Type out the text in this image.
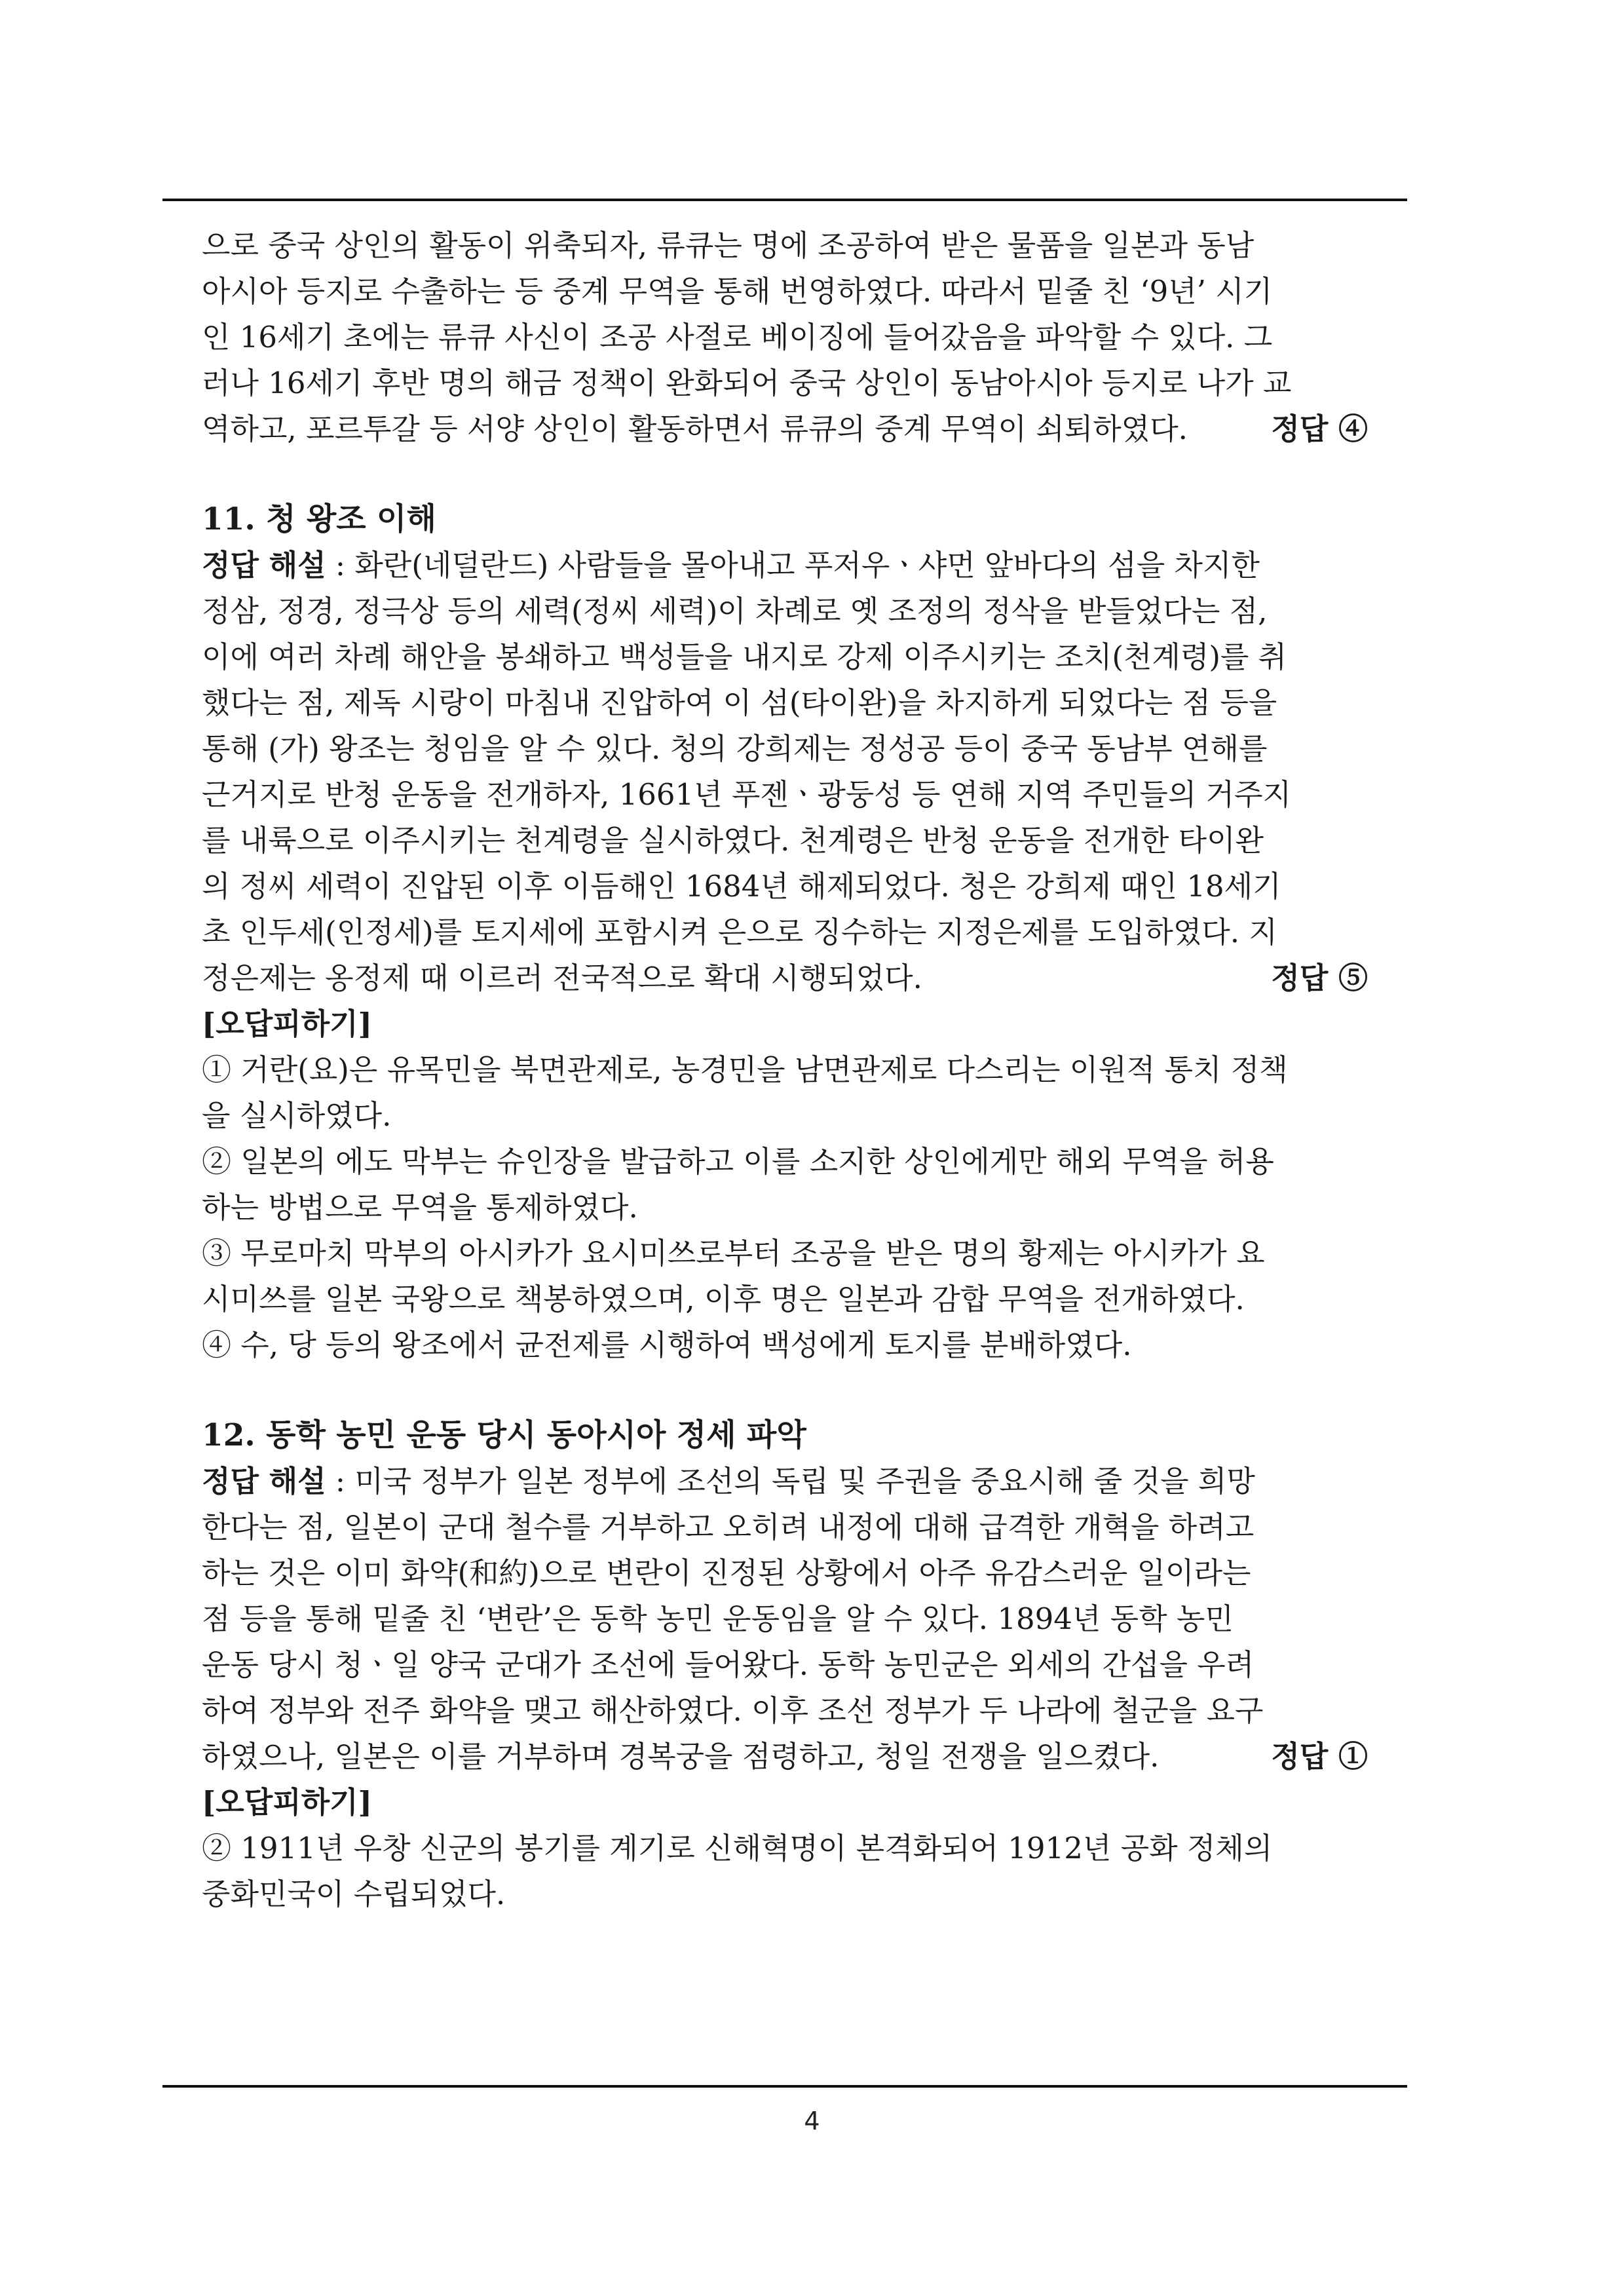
으로 중국 상인의 활동이 위축되자, 류큐는 명에 조공하여 받은 물품을 일본과 동남

아시아 등지로 수출하는 등 중계 무역을 통해 번영하였다. 따라서 밑줄 친 ‘9년’ 시기

인 16세기 초에는 류큐 사신이 조공 사절로 베이징에 들어갔음을 파악할 수 있다. 그

러나 16세기 후반 명의 해금 정책이 완화되어 중국 상인이 동남아시아 등지로 나가 교

역하고, 포르투갈 등 서양 상인이 활동하면서 류큐의 중계 무역이 쇠퇴하였다.	정답 ④

11. 청 왕조 이해

정답 해설 : 화란(네덜란드) 사람들을 몰아내고 푸저우ㆍ샤먼 앞바다의 섬을 차지한

정삼, 정경, 정극상 등의 세력(정씨 세력)이 차례로 옛 조정의 정삭을 받들었다는 점,

이에 여러 차례 해안을 봉쇄하고 백성들을 내지로 강제 이주시키는 조치(천계령)를 취

했다는 점, 제독 시랑이 마침내 진압하여 이 섬(타이완)을 차지하게 되었다는 점 등을

통해 (가) 왕조는 청임을 알 수 있다. 청의 강희제는 정성공 등이 중국 동남부 연해를

근거지로 반청 운동을 전개하자, 1661년 푸젠ㆍ광둥성 등 연해 지역 주민들의 거주지

를 내륙으로 이주시키는 천계령을 실시하였다. 천계령은 반청 운동을 전개한 타이완

의 정씨 세력이 진압된 이후 이듬해인 1684년 해제되었다. 청은 강희제 때인 18세기

초 인두세(인정세)를 토지세에 포함시켜 은으로 징수하는 지정은제를 도입하였다. 지

정은제는 옹정제 때 이르러 전국적으로 확대 시행되었다.	정답 ⑤

[오답피하기]

① 거란(요)은 유목민을 북면관제로, 농경민을 남면관제로 다스리는 이원적 통치 정책

을 실시하였다.

② 일본의 에도 막부는 슈인장을 발급하고 이를 소지한 상인에게만 해외 무역을 허용

하는 방법으로 무역을 통제하였다.

③ 무로마치 막부의 아시카가 요시미쓰로부터 조공을 받은 명의 황제는 아시카가 요

시미쓰를 일본 국왕으로 책봉하였으며, 이후 명은 일본과 감합 무역을 전개하였다.

④ 수, 당 등의 왕조에서 균전제를 시행하여 백성에게 토지를 분배하였다.

12. 동학 농민 운동 당시 동아시아 정세 파악

정답 해설 : 미국 정부가 일본 정부에 조선의 독립 및 주권을 중요시해 줄 것을 희망

한다는 점, 일본이 군대 철수를 거부하고 오히려 내정에 대해 급격한 개혁을 하려고

하는 것은 이미 화약(和約)으로 변란이 진정된 상황에서 아주 유감스러운 일이라는

점 등을 통해 밑줄 친 ‘변란’은 동학 농민 운동임을 알 수 있다. 1894년 동학 농민

운동 당시 청ㆍ일 양국 군대가 조선에 들어왔다. 동학 농민군은 외세의 간섭을 우려

하여 정부와 전주 화약을 맺고 해산하였다. 이후 조선 정부가 두 나라에 철군을 요구

하였으나, 일본은 이를 거부하며 경복궁을 점령하고, 청일 전쟁을 일으켰다.	정답 ①

[오답피하기]

② 1911년 우창 신군의 봉기를 계기로 신해혁명이 본격화되어 1912년 공화 정체의

중화민국이 수립되었다.

4
